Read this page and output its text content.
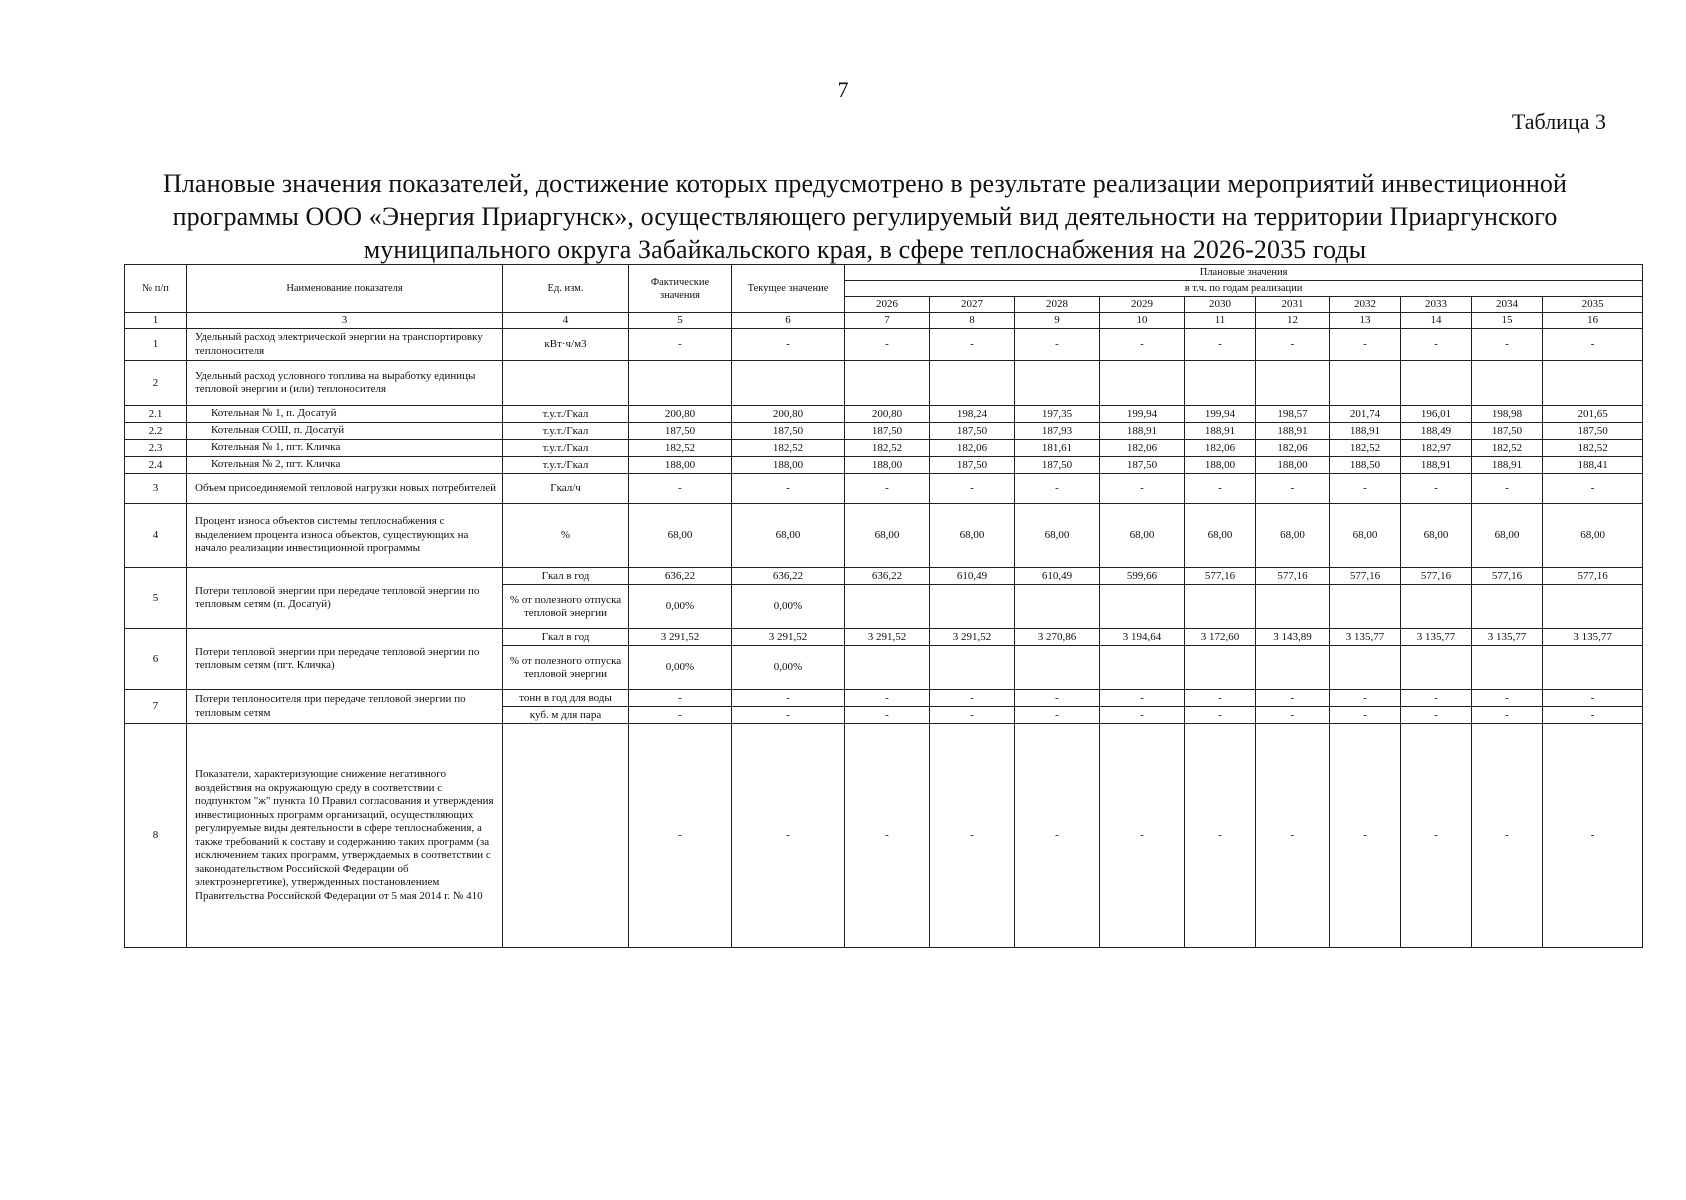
7
Таблица 3
Плановые значения показателей, достижение которых предусмотрено в результате реализации мероприятий инвестиционной программы ООО «Энергия Приаргунск», осуществляющего регулируемый вид деятельности на территории Приаргунского муниципального округа Забайкальского края, в сфере теплоснабжения на 2026-2035 годы
№ п/п	Наименование показателя	Ед. изм.	Фактические значения	Текущее значение	Плановые значения									
					в т.ч. по годам реализации									
					2026	2027	2028	2029	2030	2031	2032	2033	2034	2035
1	3	4	5	6	7	8	9	10	11	12	13	14	15	16
1	Удельный расход электрической энергии на транспортировку теплоносителя	кВт·ч/м3	-	-	-	-	-	-	-	-	-	-	-	-
2	Удельный расход условного топлива на выработку единицы тепловой энергии и (или) теплоносителя													
2.1	Котельная № 1, п. Досатуй	т.у.т./Гкал	200,80	200,80	200,80	198,24	197,35	199,94	199,94	198,57	201,74	196,01	198,98	201,65
2.2	Котельная СОШ, п. Досатуй	т.у.т./Гкал	187,50	187,50	187,50	187,50	187,93	188,91	188,91	188,91	188,91	188,49	187,50	187,50
2.3	Котельная № 1, пгт. Кличка	т.у.т./Гкал	182,52	182,52	182,52	182,06	181,61	182,06	182,06	182,06	182,52	182,97	182,52	182,52
2.4	Котельная № 2, пгт. Кличка	т.у.т./Гкал	188,00	188,00	188,00	187,50	187,50	187,50	188,00	188,00	188,50	188,91	188,91	188,41
3	Объем присоединяемой тепловой нагрузки новых потребителей	Гкал/ч	-	-	-	-	-	-	-	-	-	-	-	-
4	Процент износа объектов системы теплоснабжения с выделением процента износа объектов, существующих на начало реализации инвестиционной программы	%	68,00	68,00	68,00	68,00	68,00	68,00	68,00	68,00	68,00	68,00	68,00	68,00
5	Потери тепловой энергии при передаче тепловой энергии по тепловым сетям (п. Досатуй)	Гкал в год	636,22	636,22	636,22	610,49	610,49	599,66	577,16	577,16	577,16	577,16	577,16	577,16
		% от полезного отпуска тепловой энергии	0,00%	0,00%										
6	Потери тепловой энергии при передаче тепловой энергии по тепловым сетям (пгт. Кличка)	Гкал в год	3 291,52	3 291,52	3 291,52	3 291,52	3 270,86	3 194,64	3 172,60	3 143,89	3 135,77	3 135,77	3 135,77	3 135,77
		% от полезного отпуска тепловой энергии	0,00%	0,00%										
7	Потери теплоносителя при передаче тепловой энергии по тепловым сетям	тонн в год для воды	-	-	-	-	-	-	-	-	-	-	-	-
		куб. м для пара	-	-	-	-	-	-	-	-	-	-	-	-
8	Показатели, характеризующие снижение негативного воздействия на окружающую среду в соответствии с подпунктом "ж" пункта 10 Правил согласования и утверждения инвестиционных программ организаций, осуществляющих регулируемые виды деятельности в сфере теплоснабжения, а также требований к составу и содержанию таких программ (за исключением таких программ, утверждаемых в соответствии с законодательством Российской Федерации об электроэнергетике), утвержденных постановлением Правительства Российской Федерации от 5 мая 2014 г. № 410		-	-	-	-	-	-	-	-	-	-	-	-
